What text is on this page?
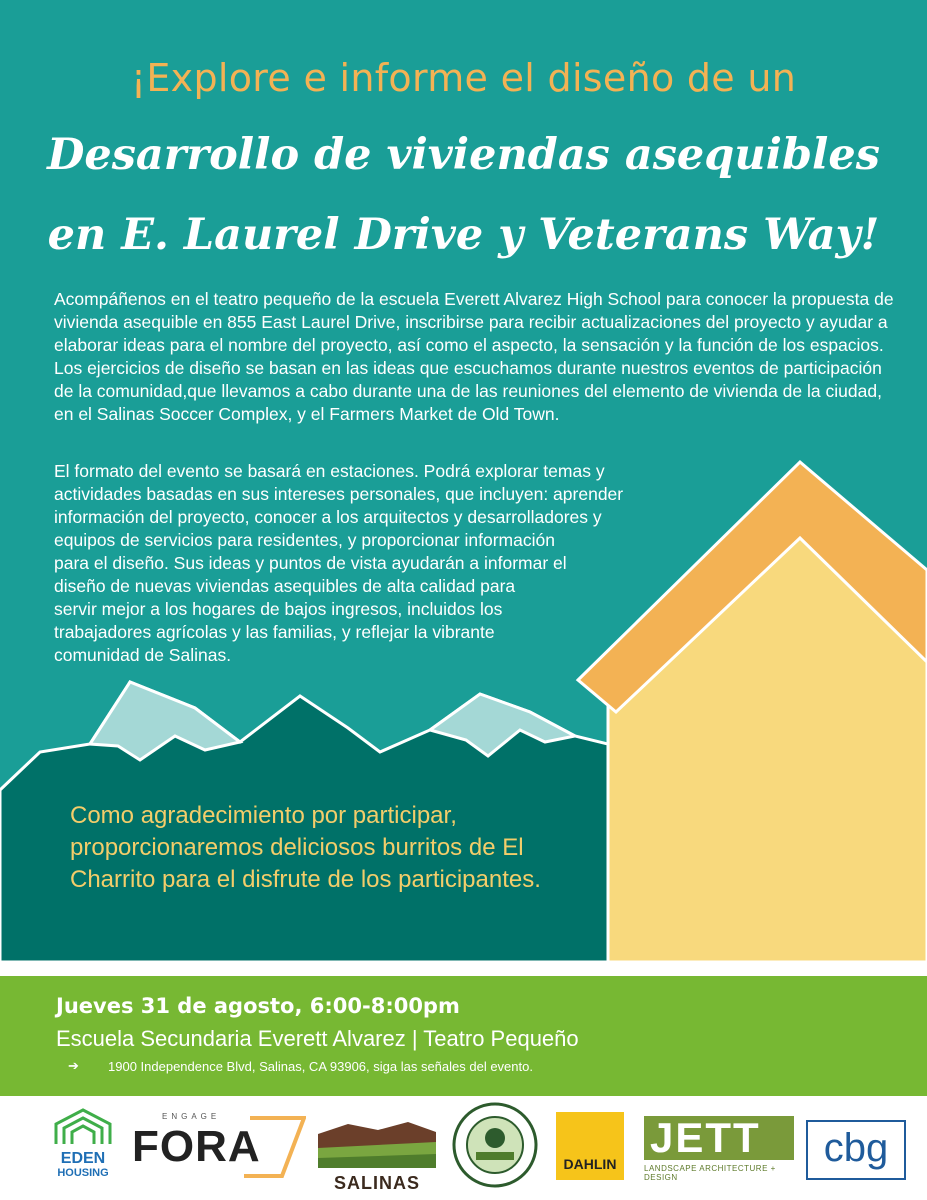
¡Explore e informe el diseño de un
Desarrollo de viviendas asequibles
en E. Laurel Drive y Veterans Way!

Acompáñenos en el teatro pequeño de la escuela Everett Alvarez High School para conocer la propuesta de vivienda asequible en 855 East Laurel Drive, inscribirse para recibir actualizaciones del proyecto y ayudar a elaborar ideas para el nombre del proyecto, así como el aspecto, la sensación y la función de los espacios. Los ejercicios de diseño se basan en las ideas que escuchamos durante nuestros eventos de participación de la comunidad,que llevamos a cabo durante una de las reuniones del elemento de vivienda de la ciudad, en el Salinas Soccer Complex, y el Farmers Market de Old Town.

El formato del evento se basará en estaciones. Podrá explorar temas y
actividades basadas en sus intereses personales, que incluyen: aprender
información del proyecto, conocer a los arquitectos y desarrolladores y
equipos de servicios para residentes, y proporcionar información
para el diseño. Sus ideas y puntos de vista ayudarán a informar el
diseño de nuevas viviendas asequibles de alta calidad para
servir mejor a los hogares de bajos ingresos, incluidos los
trabajadores agrícolas y las familias, y reflejar la vibrante
comunidad de Salinas.

Como agradecimiento por participar, proporcionaremos deliciosos burritos de El Charrito para el disfrute de los participantes.

Jueves 31 de agosto, 6:00-8:00pm

Escuela Secundaria Everett Alvarez | Teatro Pequeño

➔	1900 Independence Blvd, Salinas, CA 93906, siga las señales del evento.
EDEN
HOUSING
ENGAGE
FORA
SALINAS
DAHLIN
JETT
LANDSCAPE ARCHITECTURE + DESIGN
cbg
